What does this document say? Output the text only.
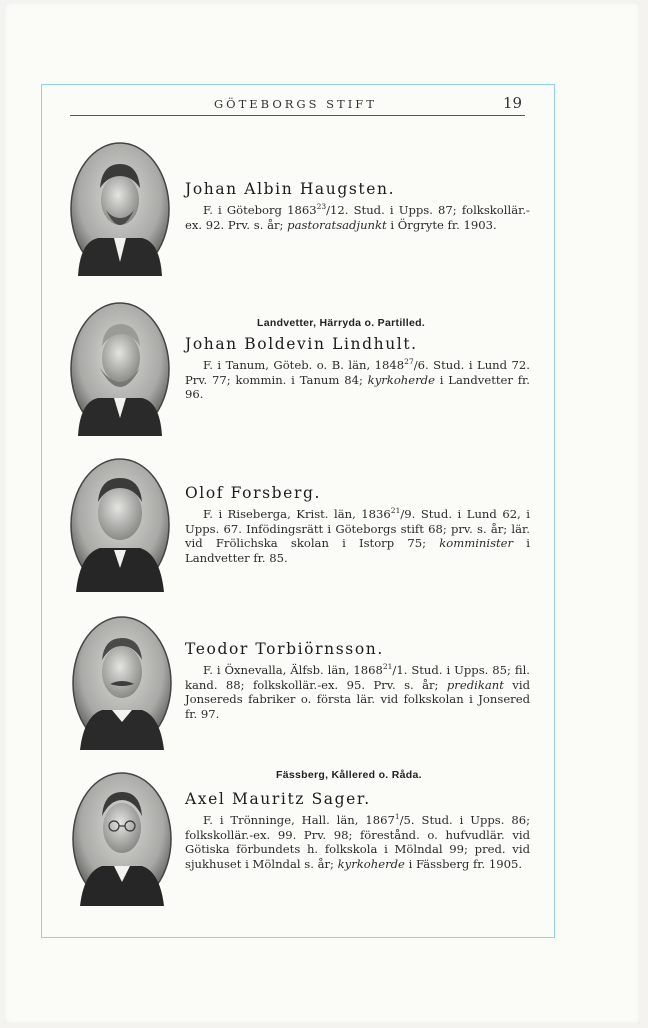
GÖTEBORGS STIFT	19
Johan Albin Haugsten.

F. i Göteborg 1863$^{23}$/12. Stud. i Upps. 87; folkskollär.-ex. 92. Prv. s. år; pastoratsadjunkt i Örgryte fr. 1903.

Landvetter, Härryda o. Partilled.
Johan Boldevin Lindhult.

F. i Tanum, Göteb. o. B. län, 1848$^{27}$/6. Stud. i Lund 72. Prv. 77; kommin. i Tanum 84; kyrkoherde i Landvetter fr. 96.

Olof Forsberg.

F. i Riseberga, Krist. län, 1836$^{21}$/9. Stud. i Lund 62, i Upps. 67. Infödingsrätt i Göteborgs stift 68; prv. s. år; lär. vid Frölichska skolan i Istorp 75; komminister i Landvetter fr. 85.

Teodor Torbiörnsson.

F. i Öxnevalla, Älfsb. län, 1868$^{21}$/1. Stud. i Upps. 85; fil. kand. 88; folkskollär.-ex. 95. Prv. s. år; predikant vid Jonsereds fabriker o. första lär. vid folkskolan i Jonsered fr. 97.

Fässberg, Kållered o. Råda.
Axel Mauritz Sager.

F. i Trönninge, Hall. län, 1867$^1$/5. Stud. i Upps. 86; folkskollär.-ex. 99. Prv. 98; förestånd. o. hufvudlär. vid Götiska förbundets h. folkskola i Mölndal 99; pred. vid sjukhuset i Mölndal s. år; kyrkoherde i Fässberg fr. 1905.
